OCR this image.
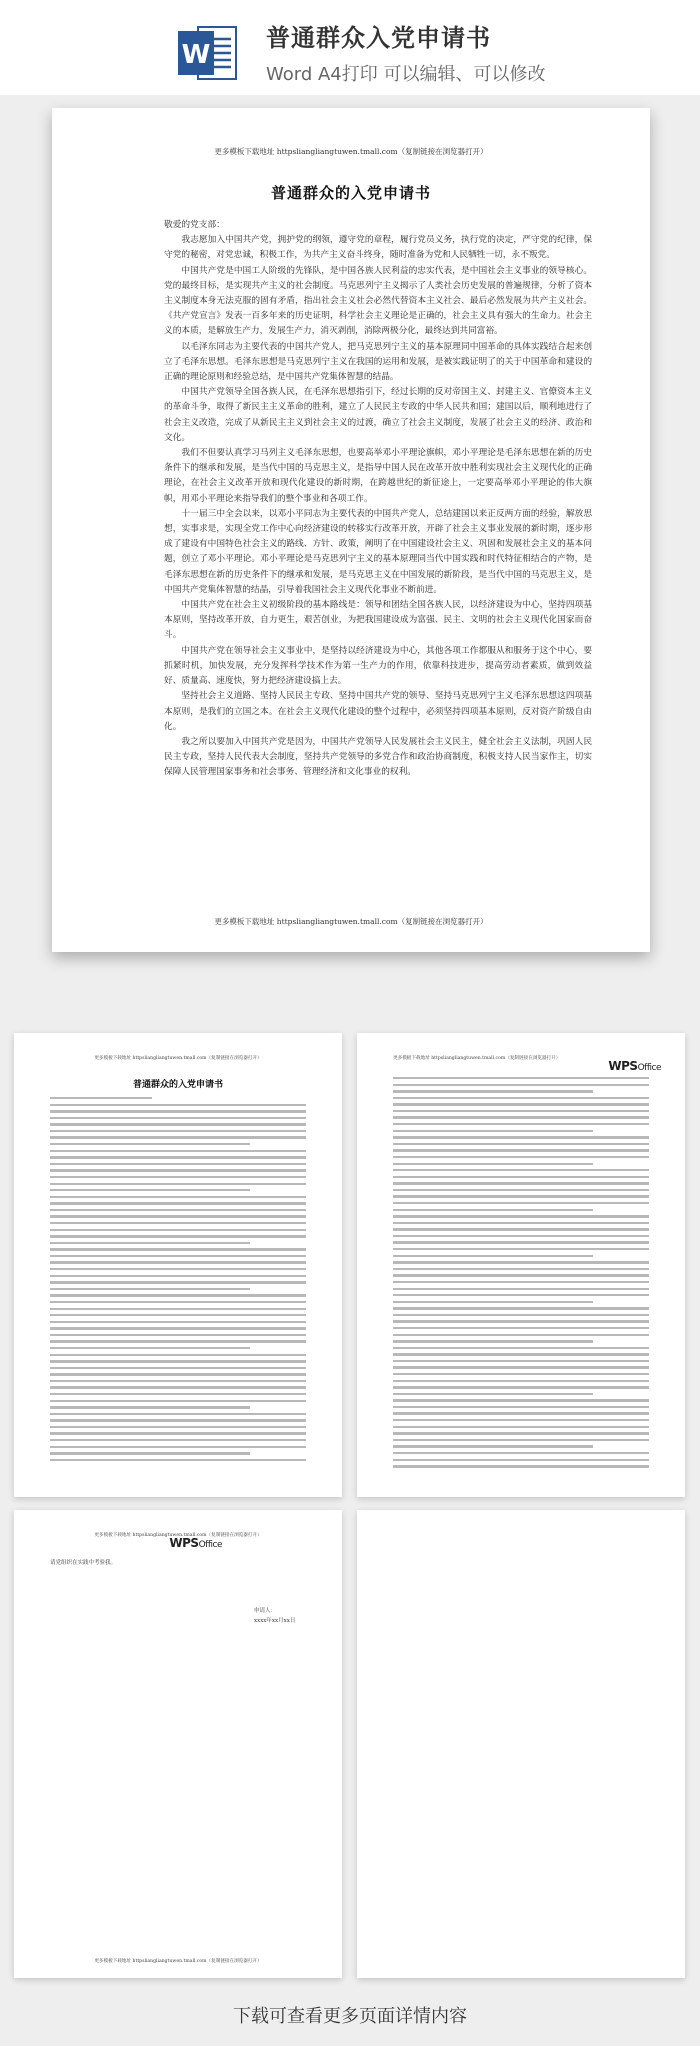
W
普通群众入党申请书
Word A4打印 可以编辑、可以修改
更多模板下载地址 httpsliangliangtuwen.tmall.com（复制链接在浏览器打开）
普通群众的入党申请书

敬爱的党支部：

我志愿加入中国共产党，拥护党的纲领，遵守党的章程，履行党员义务，执行党的决定，严守党的纪律，保守党的秘密，对党忠诚，积极工作，为共产主义奋斗终身，随时准备为党和人民牺牲一切，永不叛党。

中国共产党是中国工人阶级的先锋队，是中国各族人民利益的忠实代表，是中国社会主义事业的领导核心。党的最终目标，是实现共产主义的社会制度。马克思列宁主义揭示了人类社会历史发展的普遍规律，分析了资本主义制度本身无法克服的固有矛盾，指出社会主义社会必然代替资本主义社会、最后必然发展为共产主义社会。《共产党宣言》发表一百多年来的历史证明，科学社会主义理论是正确的，社会主义具有强大的生命力。社会主义的本质，是解放生产力，发展生产力，消灭剥削，消除两极分化，最终达到共同富裕。

以毛泽东同志为主要代表的中国共产党人，把马克思列宁主义的基本原理同中国革命的具体实践结合起来创立了毛泽东思想。毛泽东思想是马克思列宁主义在我国的运用和发展，是被实践证明了的关于中国革命和建设的正确的理论原则和经验总结，是中国共产党集体智慧的结晶。

中国共产党领导全国各族人民，在毛泽东思想指引下，经过长期的反对帝国主义、封建主义、官僚资本主义的革命斗争，取得了新民主主义革命的胜利，建立了人民民主专政的中华人民共和国；建国以后，顺利地进行了社会主义改造，完成了从新民主主义到社会主义的过渡，确立了社会主义制度，发展了社会主义的经济、政治和文化。

我们不但要认真学习马列主义毛泽东思想，也要高举邓小平理论旗帜，邓小平理论是毛泽东思想在新的历史条件下的继承和发展，是当代中国的马克思主义，是指导中国人民在改革开放中胜利实现社会主义现代化的正确理论，在社会主义改革开放和现代化建设的新时期，在跨越世纪的新征途上，一定要高举邓小平理论的伟大旗帜，用邓小平理论来指导我们的整个事业和各项工作。

十一届三中全会以来，以邓小平同志为主要代表的中国共产党人，总结建国以来正反两方面的经验，解放思想，实事求是，实现全党工作中心向经济建设的转移实行改革开放，开辟了社会主义事业发展的新时期，逐步形成了建设有中国特色社会主义的路线、方针、政策，阐明了在中国建设社会主义、巩固和发展社会主义的基本问题，创立了邓小平理论。邓小平理论是马克思列宁主义的基本原理同当代中国实践和时代特征相结合的产物，是毛泽东思想在新的历史条件下的继承和发展，是马克思主义在中国发展的新阶段，是当代中国的马克思主义，是中国共产党集体智慧的结晶，引导着我国社会主义现代化事业不断前进。

中国共产党在社会主义初级阶段的基本路线是：领导和团结全国各族人民，以经济建设为中心，坚持四项基本原则，坚持改革开放，自力更生，艰苦创业，为把我国建设成为富强、民主、文明的社会主义现代化国家而奋斗。

中国共产党在领导社会主义事业中，是坚持以经济建设为中心，其他各项工作都服从和服务于这个中心，要抓紧时机，加快发展，充分发挥科学技术作为第一生产力的作用，依靠科技进步，提高劳动者素质，做到效益好、质量高、速度快，努力把经济建设搞上去。

坚持社会主义道路、坚持人民民主专政、坚持中国共产党的领导、坚持马克思列宁主义毛泽东思想这四项基本原则，是我们的立国之本。在社会主义现代化建设的整个过程中，必须坚持四项基本原则，反对资产阶级自由化。

我之所以要加入中国共产党是因为，中国共产党领导人民发展社会主义民主，健全社会主义法制，巩固人民民主专政，坚持人民代表大会制度，坚持共产党领导的多党合作和政治协商制度，积极支持人民当家作主，切实保障人民管理国家事务和社会事务、管理经济和文化事业的权利。

更多模板下载地址 httpsliangliangtuwen.tmall.com（复制链接在浏览器打开）
更多模板下载地址 httpsliangliangtuwen.tmall.com（复制链接在浏览器打开）
普通群众的入党申请书
更多模板下载地址 httpsliangliangtuwen.tmall.com（复制链接在浏览器打开）
WPSOffice
更多模板下载地址 httpsliangliangtuwen.tmall.com（复制链接在浏览器打开）
WPSOffice
请党组织在实践中考验我。
申请人：
xxxx年xx月xx日
更多模板下载地址 httpsliangliangtuwen.tmall.com（复制链接在浏览器打开）
下载可查看更多页面详情内容
